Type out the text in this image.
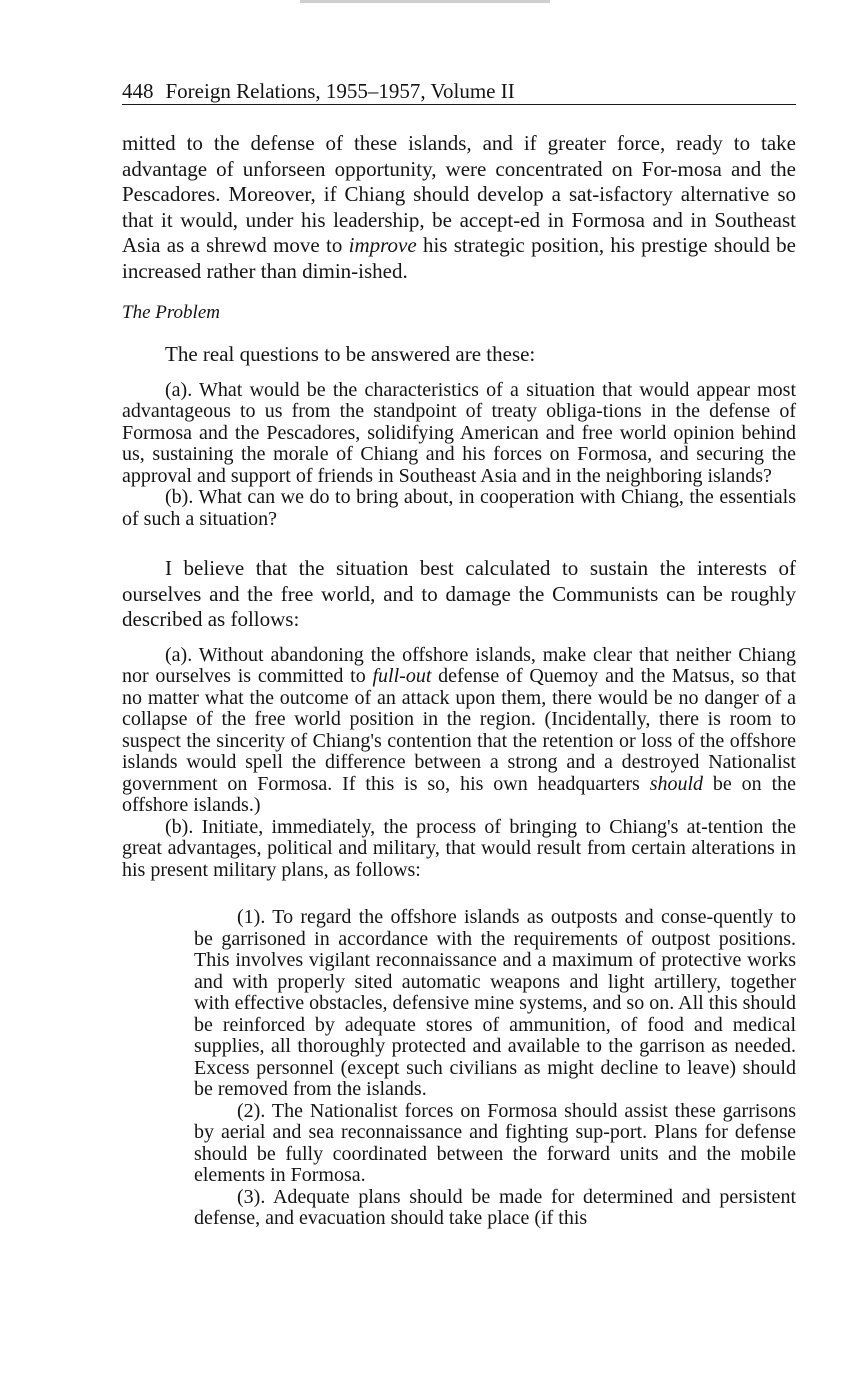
448 Foreign Relations, 1955–1957, Volume II

mitted to the defense of these islands, and if greater force, ready to take advantage of unforseen opportunity, were concentrated on For-mosa and the Pescadores. Moreover, if Chiang should develop a sat-isfactory alternative so that it would, under his leadership, be accept-ed in Formosa and in Southeast Asia as a shrewd move to improve his strategic position, his prestige should be increased rather than dimin-ished.

The Problem

The real questions to be answered are these:

(a). What would be the characteristics of a situation that would appear most advantageous to us from the standpoint of treaty obliga-tions in the defense of Formosa and the Pescadores, solidifying American and free world opinion behind us, sustaining the morale of Chiang and his forces on Formosa, and securing the approval and support of friends in Southeast Asia and in the neighboring islands?

(b). What can we do to bring about, in cooperation with Chiang, the essentials of such a situation?

I believe that the situation best calculated to sustain the interests of ourselves and the free world, and to damage the Communists can be roughly described as follows:

(a). Without abandoning the offshore islands, make clear that neither Chiang nor ourselves is committed to full-out defense of Quemoy and the Matsus, so that no matter what the outcome of an attack upon them, there would be no danger of a collapse of the free world position in the region. (Incidentally, there is room to suspect the sincerity of Chiang's contention that the retention or loss of the offshore islands would spell the difference between a strong and a destroyed Nationalist government on Formosa. If this is so, his own headquarters should be on the offshore islands.)

(b). Initiate, immediately, the process of bringing to Chiang's at-tention the great advantages, political and military, that would result from certain alterations in his present military plans, as follows:

(1). To regard the offshore islands as outposts and conse-quently to be garrisoned in accordance with the requirements of outpost positions. This involves vigilant reconnaissance and a maximum of protective works and with properly sited automatic weapons and light artillery, together with effective obstacles, defensive mine systems, and so on. All this should be reinforced by adequate stores of ammunition, of food and medical supplies, all thoroughly protected and available to the garrison as needed. Excess personnel (except such civilians as might decline to leave) should be removed from the islands.

(2). The Nationalist forces on Formosa should assist these garrisons by aerial and sea reconnaissance and fighting sup-port. Plans for defense should be fully coordinated between the forward units and the mobile elements in Formosa.

(3). Adequate plans should be made for determined and persistent defense, and evacuation should take place (if this
